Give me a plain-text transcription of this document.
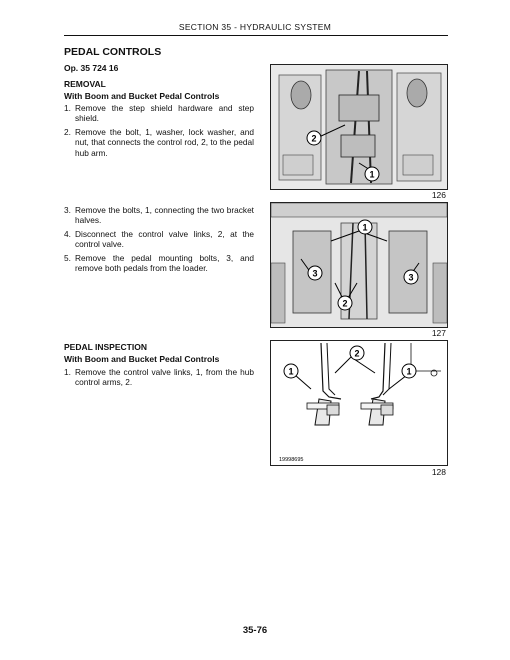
SECTION 35 - HYDRAULIC SYSTEM
PEDAL CONTROLS
Op. 35 724 16
REMOVAL
With Boom and Bucket Pedal Controls
1. Remove the step shield hardware and step shield.
2. Remove the bolt, 1, washer, lock washer, and nut, that connects the control rod, 2, to the pedal hub arm.
3. Remove the bolts, 1, connecting the two bracket halves.
4. Disconnect the control valve links, 2, at the control valve.
5. Remove the pedal mounting bolts, 3, and remove both pedals from the loader.
PEDAL INSPECTION
With Boom and Bucket Pedal Controls
1. Remove the control valve links, 1, from the hub control arms, 2.
2
1
126
1
3	3
2
127
2
1	1
19998695
128
35-76
